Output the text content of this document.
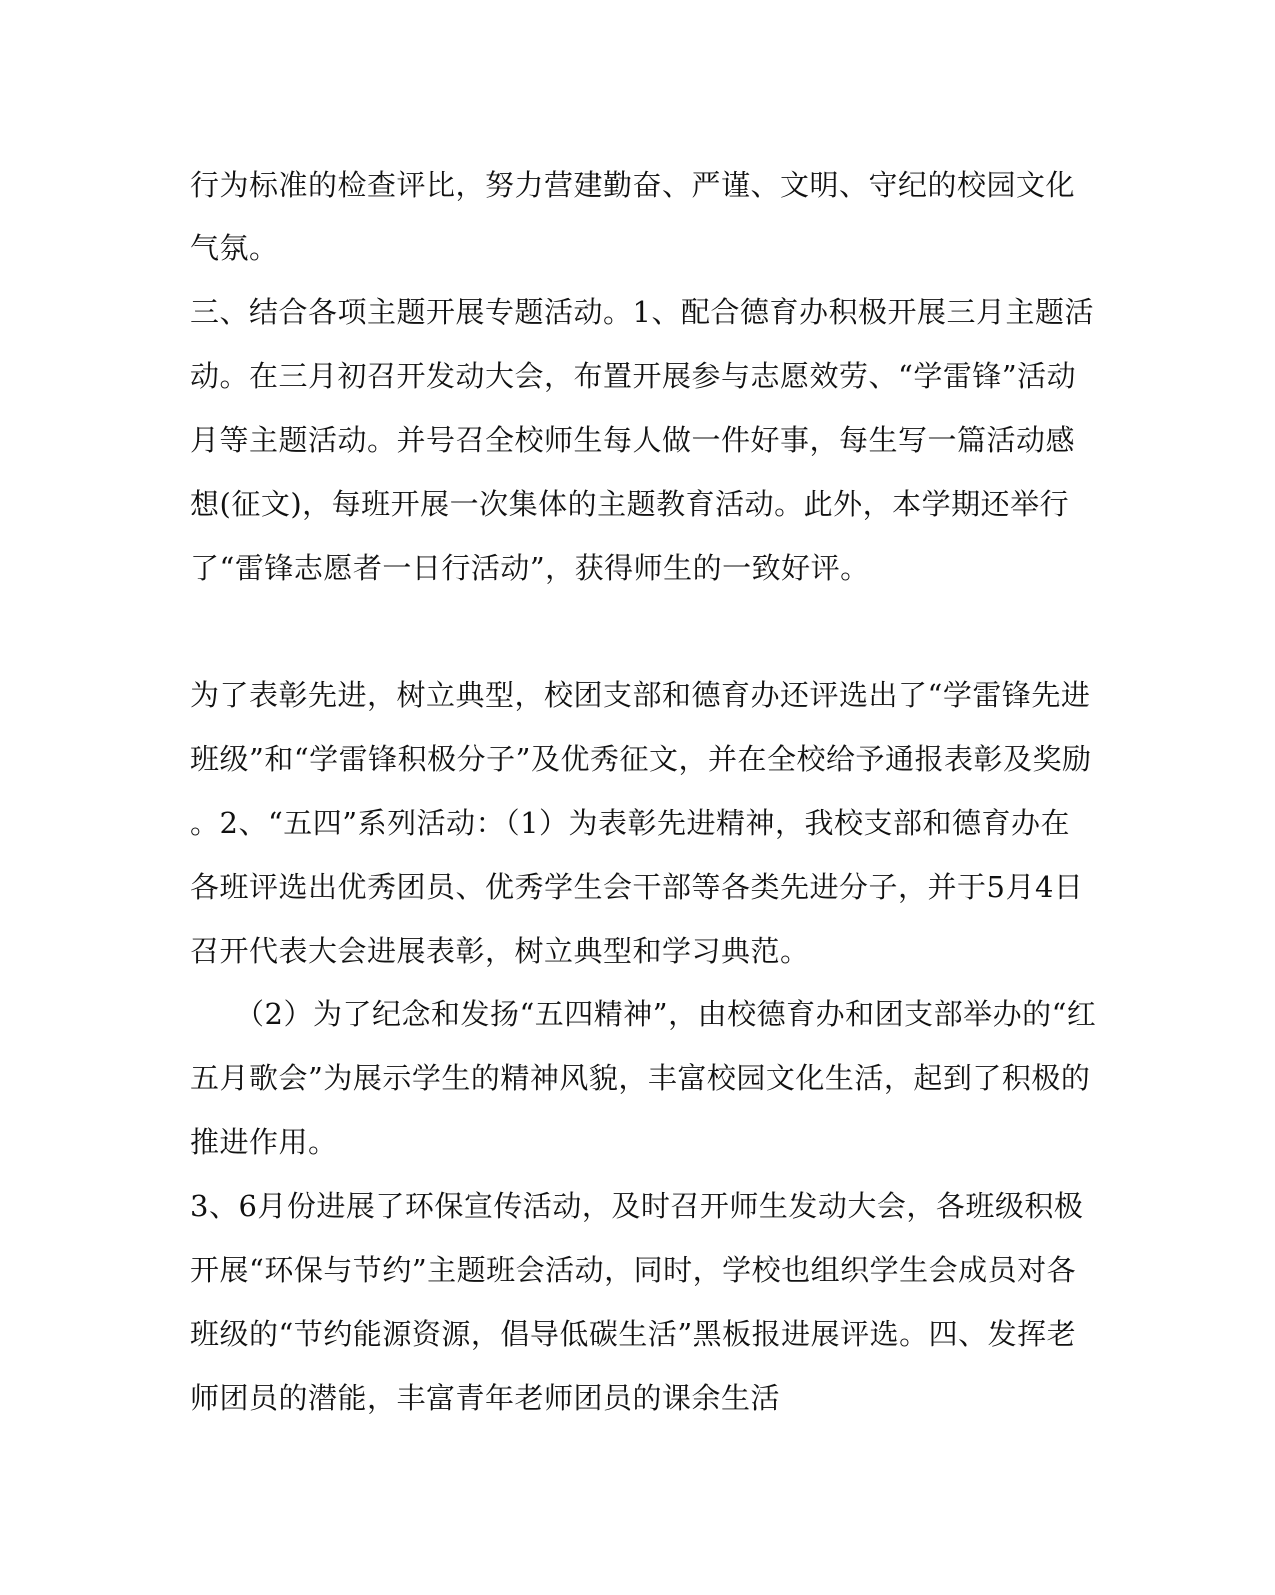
行为标准的检查评比，努力营建勤奋、严谨、文明、守纪的校园文化
气氛。
三、结合各项主题开展专题活动。1、配合德育办积极开展三月主题活
动。在三月初召开发动大会，布置开展参与志愿效劳、“学雷锋”活动
月等主题活动。并号召全校师生每人做一件好事，每生写一篇活动感
想(征文)，每班开展一次集体的主题教育活动。此外，本学期还举行
了“雷锋志愿者一日行活动”，获得师生的一致好评。
为了表彰先进，树立典型，校团支部和德育办还评选出了“学雷锋先进
班级”和“学雷锋积极分子”及优秀征文，并在全校给予通报表彰及奖励
。2、“五四”系列活动：（1）为表彰先进精神，我校支部和德育办在
各班评选出优秀团员、优秀学生会干部等各类先进分子，并于5月4日
召开代表大会进展表彰，树立典型和学习典范。
（2）为了纪念和发扬“五四精神”，由校德育办和团支部举办的“红
五月歌会”为展示学生的精神风貌，丰富校园文化生活，起到了积极的
推进作用。
3、6月份进展了环保宣传活动，及时召开师生发动大会，各班级积极
开展“环保与节约”主题班会活动，同时，学校也组织学生会成员对各
班级的“节约能源资源，倡导低碳生活”黑板报进展评选。四、发挥老
师团员的潜能，丰富青年老师团员的课余生活
